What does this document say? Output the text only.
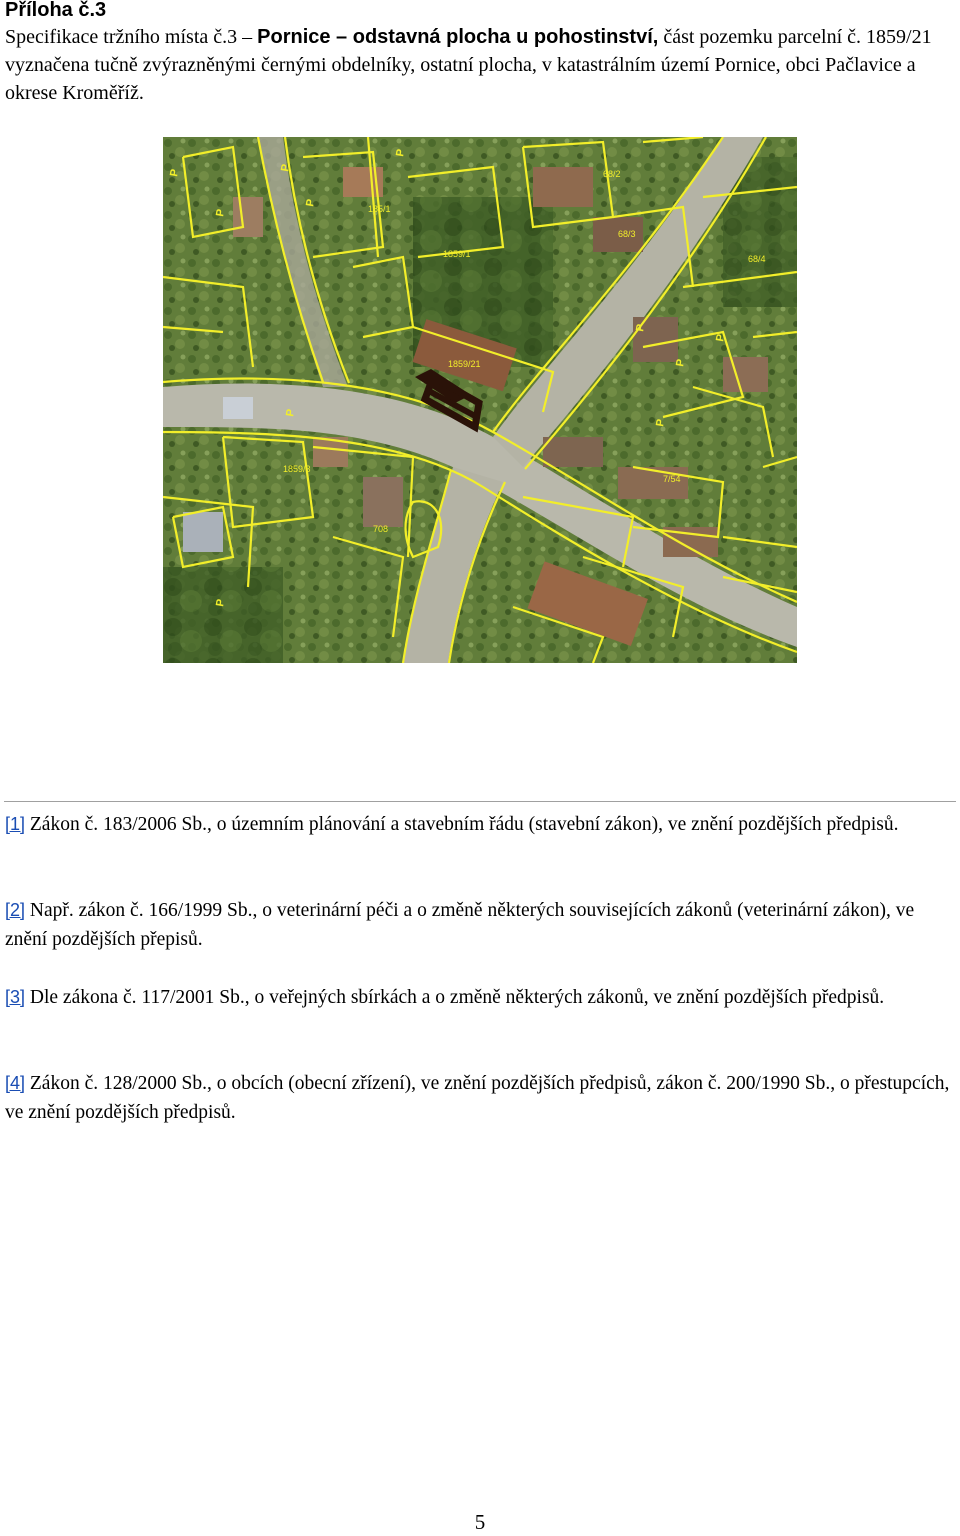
Příloha č.3
Specifikace tržního místa č.3 – Pornice – odstavná plocha u pohostinství, část pozemku parcelní č. 1859/21 vyznačena tučně zvýrazněnými černými obdelníky, ostatní plocha, v katastrálním území Pornice, obci Pačlavice a okrese Kroměříž.
P
P
P
P
P
P
P
P
P
P
P
185/1
1859/1
1859/21
1859/3
68/3
708
7/54
68/2
68/4
[1] Zákon č. 183/2006 Sb., o územním plánování a stavebním řádu (stavební zákon), ve znění pozdějších předpisů.
[2] Např. zákon č. 166/1999 Sb., o veterinární péči a o změně některých souvisejících zákonů (veterinární zákon), ve znění pozdějších přepisů.
[3] Dle zákona č. 117/2001 Sb., o veřejných sbírkách a o změně některých zákonů, ve znění pozdějších předpisů.
[4] Zákon č. 128/2000 Sb., o obcích (obecní zřízení), ve znění pozdějších předpisů, zákon č. 200/1990 Sb., o přestupcích, ve znění pozdějších předpisů.
5
